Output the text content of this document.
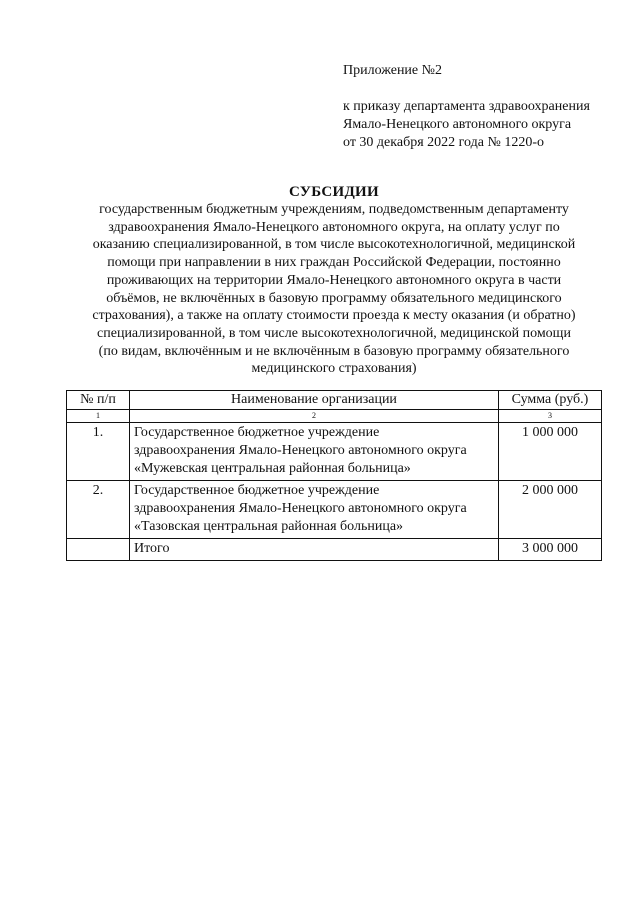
Приложение №2
к приказу департамента здравоохранения
Ямало-Ненецкого автономного округа
от 30 декабря 2022 года № 1220-о
СУБСИДИИ
государственным бюджетным учреждениям, подведомственным департаменту
здравоохранения Ямало-Ненецкого автономного округа, на оплату услуг по
оказанию специализированной, в том числе высокотехнологичной, медицинской
помощи при направлении в них граждан Российской Федерации, постоянно
проживающих на территории Ямало-Ненецкого автономного округа в части
объёмов, не включённых в базовую программу обязательного медицинского
страхования), а также на оплату стоимости проезда к месту оказания (и обратно)
специализированной, в том числе высокотехнологичной, медицинской помощи
(по видам, включённым и не включённым в базовую программу обязательного
медицинского страхования)
№ п/п	Наименование организации	Сумма (руб.)
1	2	3
1.	Государственное бюджетное учреждение
здравоохранения Ямало-Ненецкого автономного округа
«Мужевская центральная районная больница»	1 000 000
2.	Государственное бюджетное учреждение
здравоохранения Ямало-Ненецкого автономного округа
«Тазовская центральная районная больница»	2 000 000
	Итого	3 000 000
